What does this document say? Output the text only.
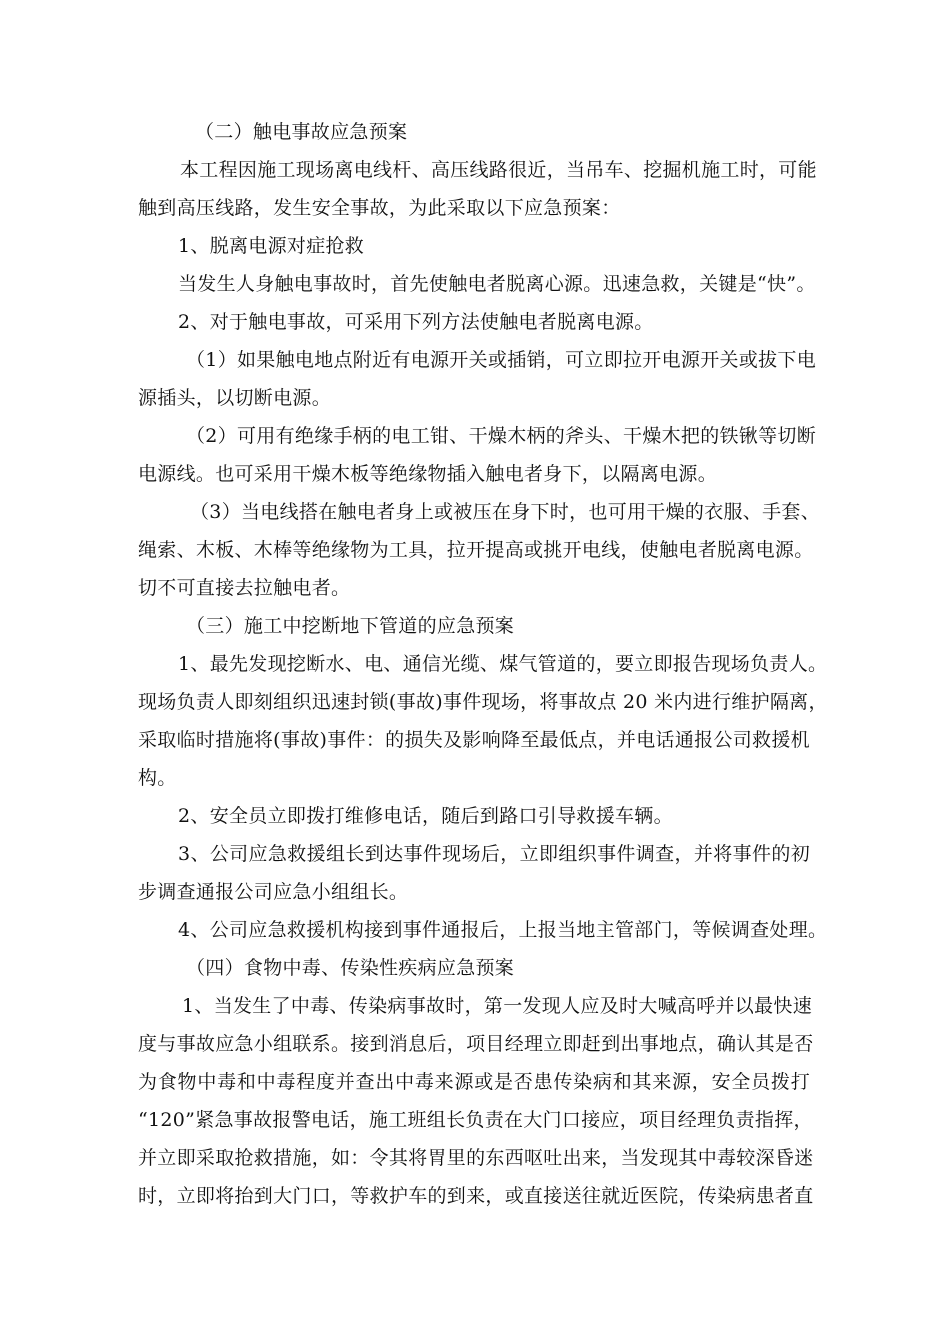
（二）触电事故应急预案
本工程因施工现场离电线杆、高压线路很近，当吊车、挖掘机施工时，可能
触到高压线路，发生安全事故，为此采取以下应急预案：
1、脱离电源对症抢救
当发生人身触电事故时，首先使触电者脱离心源。迅速急救，关键是“快”。
2、对于触电事故，可采用下列方法使触电者脱离电源。
（1）如果触电地点附近有电源开关或插销，可立即拉开电源开关或拔下电
源插头，以切断电源。
（2）可用有绝缘手柄的电工钳、干燥木柄的斧头、干燥木把的铁锹等切断
电源线。也可采用干燥木板等绝缘物插入触电者身下，以隔离电源。
（3）当电线搭在触电者身上或被压在身下时，也可用干燥的衣服、手套、
绳索、木板、木棒等绝缘物为工具，拉开提高或挑开电线，使触电者脱离电源。
切不可直接去拉触电者。
（三）施工中挖断地下管道的应急预案
1、最先发现挖断水、电、通信光缆、煤气管道的，要立即报告现场负责人。
现场负责人即刻组织迅速封锁(事故)事件现场，将事故点 20 米内进行维护隔离，
采取临时措施将(事故)事件：的损失及影响降至最低点，并电话通报公司救援机
构。
2、安全员立即拨打维修电话，随后到路口引导救援车辆。
3、公司应急救援组长到达事件现场后，立即组织事件调查，并将事件的初
步调查通报公司应急小组组长。
4、公司应急救援机构接到事件通报后，上报当地主管部门，等候调查处理。
（四）食物中毒、传染性疾病应急预案
1、当发生了中毒、传染病事故时，第一发现人应及时大喊高呼并以最快速
度与事故应急小组联系。接到消息后，项目经理立即赶到出事地点，确认其是否
为食物中毒和中毒程度并查出中毒来源或是否患传染病和其来源，安全员拨打
“120”紧急事故报警电话，施工班组长负责在大门口接应，项目经理负责指挥，
并立即采取抢救措施，如：令其将胃里的东西呕吐出来，当发现其中毒较深昏迷
时，立即将抬到大门口，等救护车的到来，或直接送往就近医院，传染病患者直
